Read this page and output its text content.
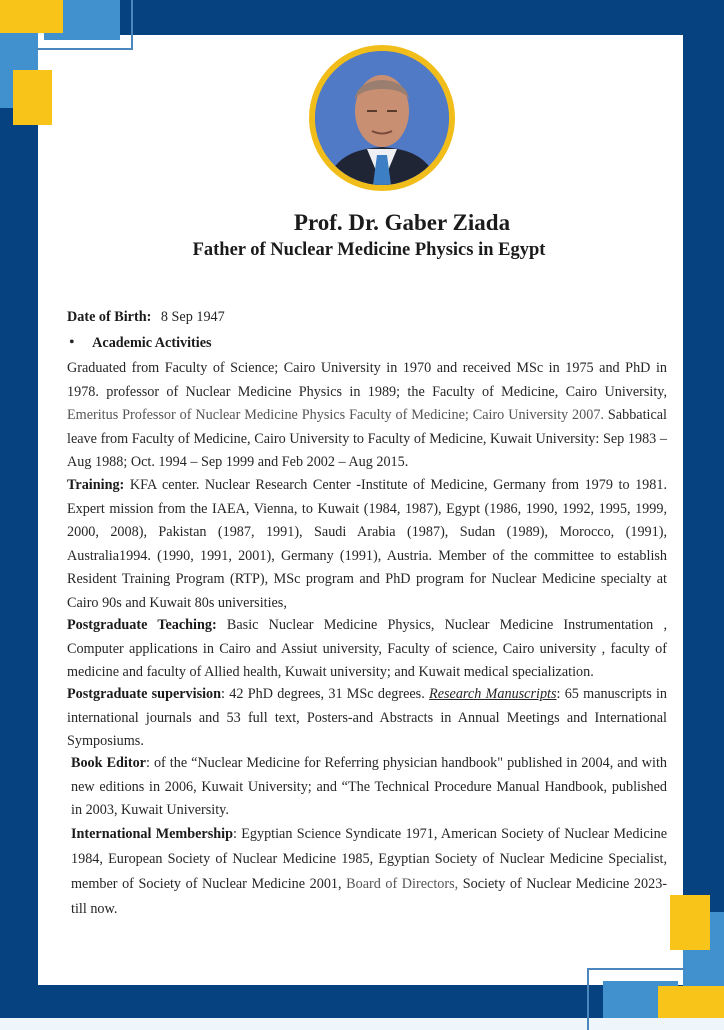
Prof. Dr. Gaber Ziada
Father of Nuclear Medicine Physics in Egypt
Date of Birth: 8 Sep 1947
• Academic Activities
Graduated from Faculty of Science; Cairo University in 1970 and received MSc in 1975 and PhD in 1978. professor of Nuclear Medicine Physics in 1989; the Faculty of Medicine, Cairo University, Emeritus Professor of Nuclear Medicine Physics Faculty of Medicine; Cairo University 2007. Sabbatical leave from Faculty of Medicine, Cairo University to Faculty of Medicine, Kuwait University: Sep 1983 – Aug 1988; Oct. 1994 – Sep 1999 and Feb 2002 – Aug 2015.
Training: KFA center. Nuclear Research Center -Institute of Medicine, Germany from 1979 to 1981. Expert mission from the IAEA, Vienna, to Kuwait (1984, 1987), Egypt (1986, 1990, 1992, 1995, 1999, 2000, 2008), Pakistan (1987, 1991), Saudi Arabia (1987), Sudan (1989), Morocco, (1991), Australia1994. (1990, 1991, 2001), Germany (1991), Austria. Member of the committee to establish Resident Training Program (RTP), MSc program and PhD program for Nuclear Medicine specialty at Cairo 90s and Kuwait 80s universities,
Postgraduate Teaching: Basic Nuclear Medicine Physics, Nuclear Medicine Instrumentation , Computer applications in Cairo and Assiut university, Faculty of science, Cairo university , faculty of medicine and faculty of Allied health, Kuwait university; and Kuwait medical specialization.
Postgraduate supervision: 42 PhD degrees, 31 MSc degrees. Research Manuscripts: 65 manuscripts in international journals and 53 full text, Posters-and Abstracts in Annual Meetings and International Symposiums.
Book Editor: of the “Nuclear Medicine for Referring physician handbook" published in 2004, and with new editions in 2006, Kuwait University; and “The Technical Procedure Manual Handbook, published in 2003, Kuwait University.
International Membership: Egyptian Science Syndicate 1971, American Society of Nuclear Medicine 1984, European Society of Nuclear Medicine 1985, Egyptian Society of Nuclear Medicine Specialist, member of Society of Nuclear Medicine 2001, Board of Directors, Society of Nuclear Medicine 2023-till now.
